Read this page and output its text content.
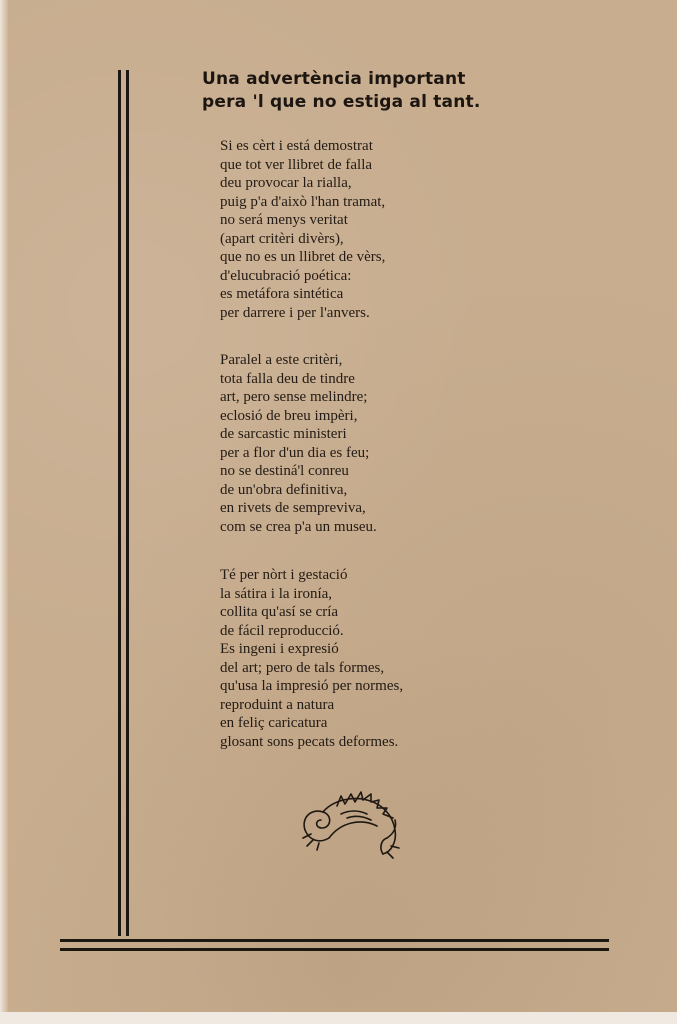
Una advertència important
pera 'l que no estiga al tant.
Si es cèrt i está demostrat
que tot ver llibret de falla
deu provocar la rialla,
puig p'a d'això l'han tramat,
no será menys veritat
(apart critèri divèrs),
que no es un llibret de vèrs,
d'elucubració poética:
es metáfora sintética
per darrere i per l'anvers.
Paralel a este critèri,
tota falla deu de tindre
art, pero sense melindre;
eclosió de breu impèri,
de sarcastic ministeri
per a flor d'un dia es feu;
no se destiná'l conreu
de un'obra definitiva,
en rivets de sempreviva,
com se crea p'a un museu.
Té per nòrt i gestació
la sátira i la ironía,
collita qu'así se cría
de fácil reproducció.
Es ingeni i expresió
del art; pero de tals formes,
qu'usa la impresió per normes,
reproduint a natura
en feliç caricatura
glosant sons pecats deformes.
